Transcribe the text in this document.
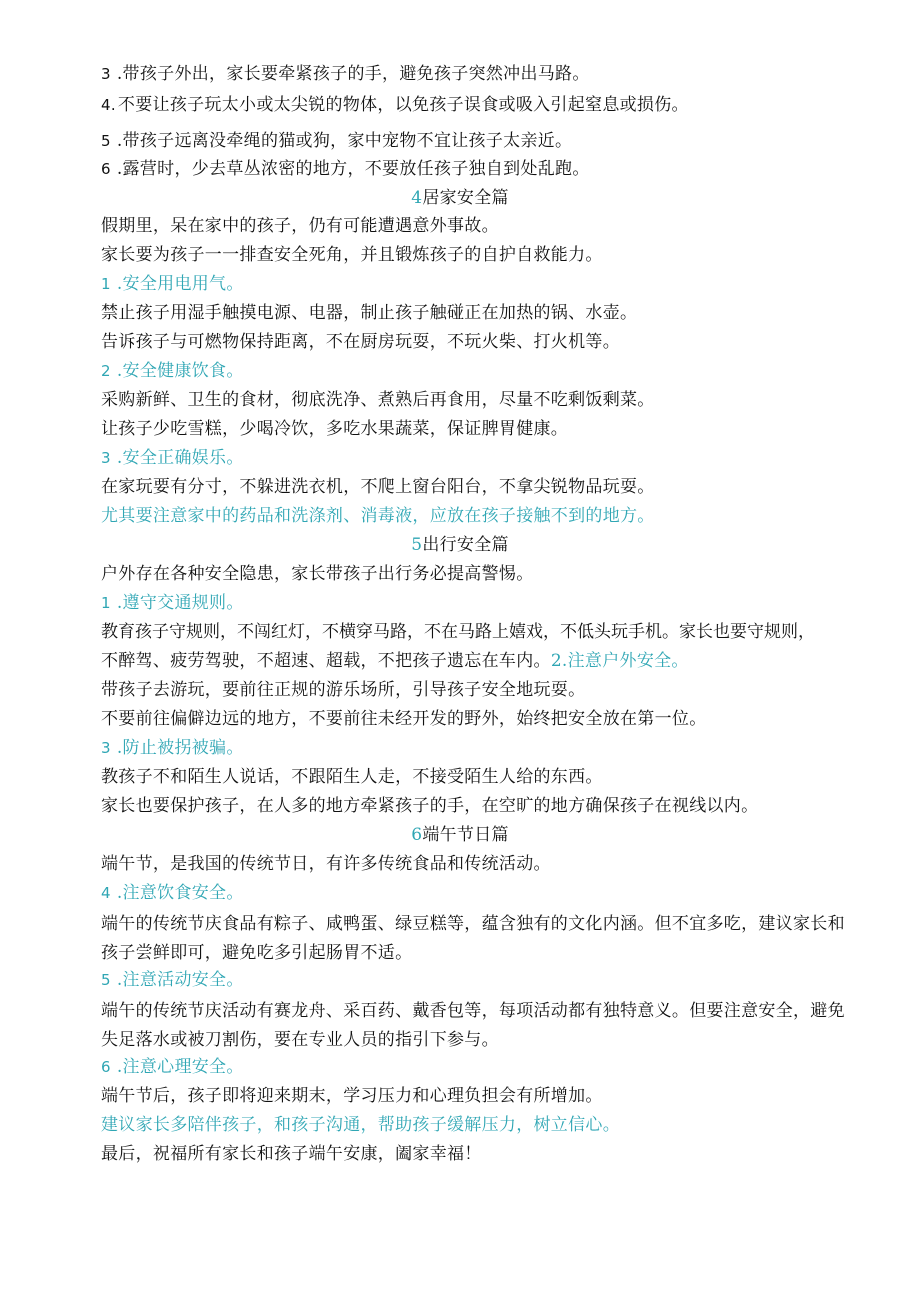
3 .带孩子外出，家长要牵紧孩子的手，避免孩子突然冲出马路。
4. 不要让孩子玩太小或太尖锐的物体，以免孩子误食或吸入引起窒息或损伤。
5 .带孩子远离没牵绳的猫或狗，家中宠物不宜让孩子太亲近。
6 .露营时，少去草丛浓密的地方，不要放任孩子独自到处乱跑。
4居家安全篇
假期里，呆在家中的孩子，仍有可能遭遇意外事故。
家长要为孩子一一排查安全死角，并且锻炼孩子的自护自救能力。
1 .安全用电用气。
禁止孩子用湿手触摸电源、电器，制止孩子触碰正在加热的锅、水壶。
告诉孩子与可燃物保持距离，不在厨房玩耍，不玩火柴、打火机等。
2 .安全健康饮食。
采购新鲜、卫生的食材，彻底洗净、煮熟后再食用，尽量不吃剩饭剩菜。
让孩子少吃雪糕，少喝冷饮，多吃水果蔬菜，保证脾胃健康。
3 .安全正确娱乐。
在家玩要有分寸，不躲进洗衣机，不爬上窗台阳台，不拿尖锐物品玩耍。
尤其要注意家中的药品和洗涤剂、消毒液，应放在孩子接触不到的地方。
5出行安全篇
户外存在各种安全隐患，家长带孩子出行务必提高警惕。
1 .遵守交通规则。
教育孩子守规则，不闯红灯，不横穿马路，不在马路上嬉戏，不低头玩手机。家长也要守规则，
不醉驾、疲劳驾驶，不超速、超载，不把孩子遗忘在车内。2.注意户外安全。
带孩子去游玩，要前往正规的游乐场所，引导孩子安全地玩耍。
不要前往偏僻边远的地方，不要前往未经开发的野外，始终把安全放在第一位。
3 .防止被拐被骗。
教孩子不和陌生人说话，不跟陌生人走，不接受陌生人给的东西。
家长也要保护孩子，在人多的地方牵紧孩子的手，在空旷的地方确保孩子在视线以内。
6端午节日篇
端午节，是我国的传统节日，有许多传统食品和传统活动。
4 .注意饮食安全。
端午的传统节庆食品有粽子、咸鸭蛋、绿豆糕等，蕴含独有的文化内涵。但不宜多吃，建议家长和孩子尝鲜即可，避免吃多引起肠胃不适。
5 .注意活动安全。
端午的传统节庆活动有赛龙舟、采百药、戴香包等，每项活动都有独特意义。但要注意安全，避免失足落水或被刀割伤，要在专业人员的指引下参与。
6 .注意心理安全。
端午节后，孩子即将迎来期末，学习压力和心理负担会有所增加。
建议家长多陪伴孩子，和孩子沟通，帮助孩子缓解压力，树立信心。
最后，祝福所有家长和孩子端午安康，阖家幸福！
